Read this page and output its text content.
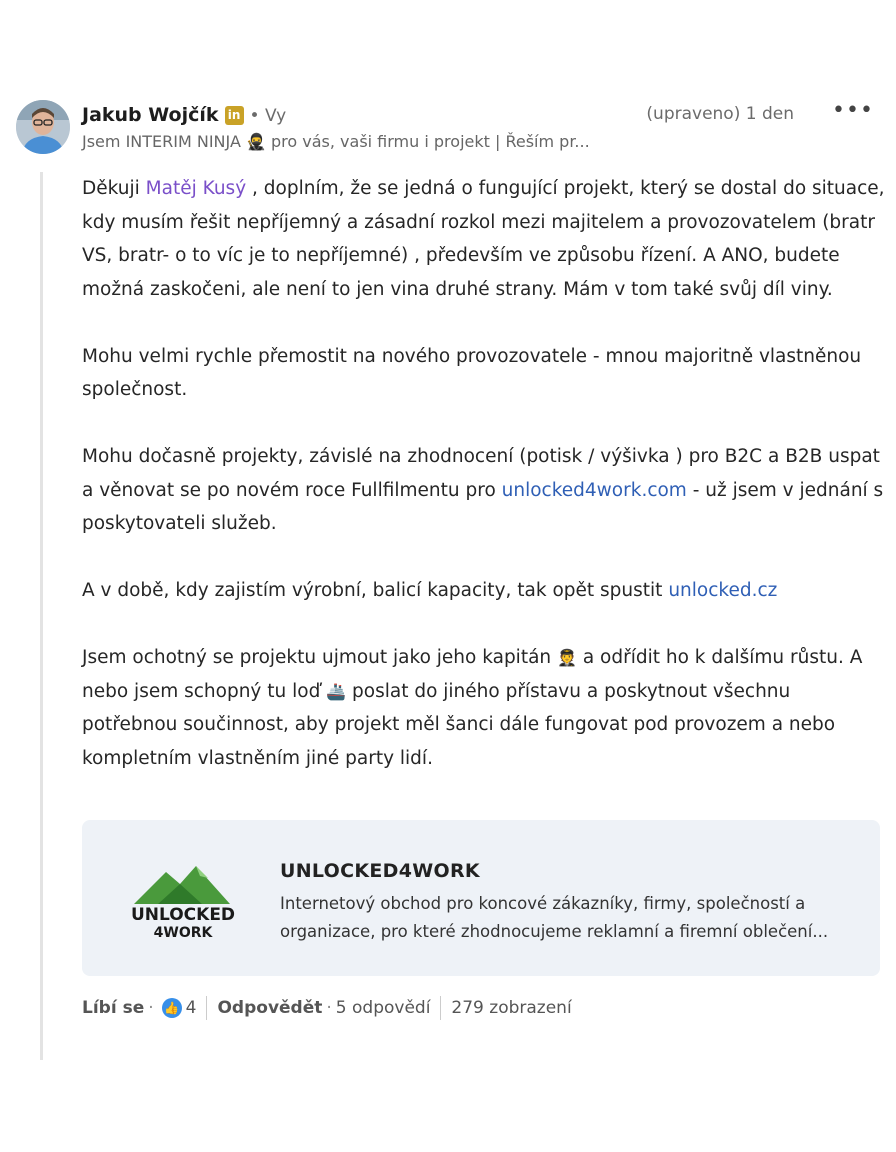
Jakub Wojčík in • Vy
Jsem INTERIM NINJA 🥷 pro vás, vaši firmu i projekt | Řeším pr...
(upraveno) 1 den •••

Děkuji Matěj Kusý , doplním, že se jedná o fungující projekt, který se dostal do situace, kdy musím řešit nepříjemný a zásadní rozkol mezi majitelem a provozovatelem (bratr VS, bratr- o to víc je to nepříjemné) , především ve způsobu řízení. A ANO, budete možná zaskočeni, ale není to jen vina druhé strany. Mám v tom také svůj díl viny.

Mohu velmi rychle přemostit na nového provozovatele - mnou majoritně vlastněnou společnost.

Mohu dočasně projekty, závislé na zhodnocení (potisk / výšivka ) pro B2C a B2B uspat a věnovat se po novém roce Fullfilmentu pro unlocked4work.com - už jsem v jednání s poskytovateli služeb.

A v době, kdy zajistím výrobní, balicí kapacity, tak opět spustit unlocked.cz

Jsem ochotný se projektu ujmout jako jeho kapitán 🧑‍✈️ a odřídit ho k dalšímu růstu. A nebo jsem schopný tu loď 🚢 poslat do jiného přístavu a poskytnout všechnu potřebnou součinnost, aby projekt měl šanci dále fungovat pod provozem a nebo kompletním vlastněním jiné party lidí.

UNLOCKED
4WORK
UNLOCKED4WORK
Internetový obchod pro koncové zákazníky, firmy, společností a organizace, pro které zhodnocujeme reklamní a firemní oblečení...
Líbí se · 👍 4 Odpovědět · 5 odpovědí 279 zobrazení
